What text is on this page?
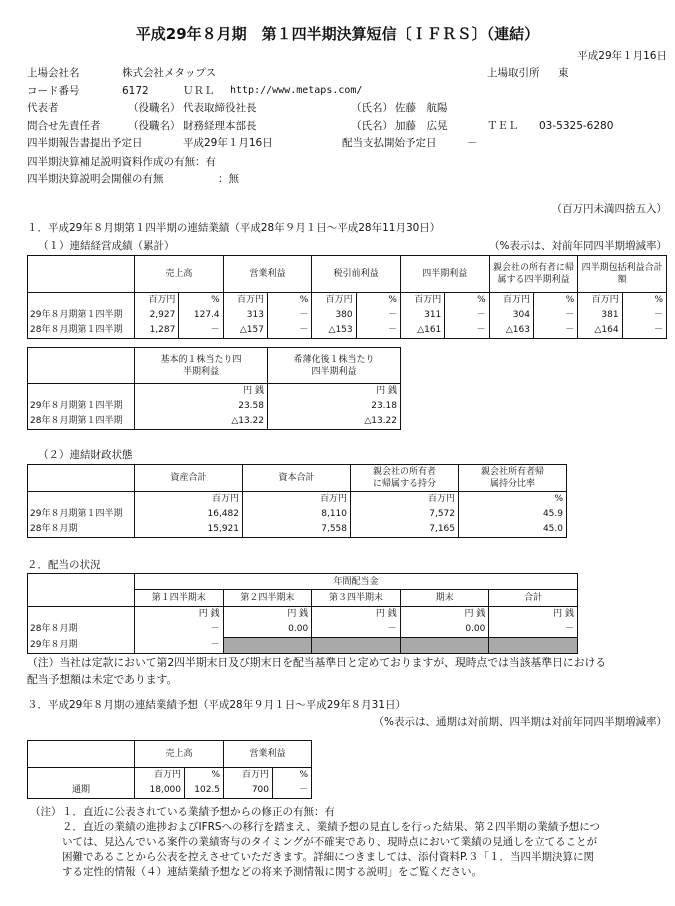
平成29年８月期　第１四半期決算短信〔ＩＦＲＳ〕（連結）
平成29年１月16日
上場会社名	株式会社メタップス	上場取引所 東
コード番号	6172	ＵＲＬ http://www.metaps.com/
代表者	（役職名） 代表取締役社長	（氏名） 佐藤　航陽
問合せ先責任者	（役職名） 財務経理本部長	（氏名） 加藤　広晃	ＴＥＬ 03-5325-6280
四半期報告書提出予定日	平成29年１月16日	配当支払開始予定日	－
四半期決算補足説明資料作成の有無：有
四半期決算説明会開催の有無	：無
（百万円未満四捨五入）
１．平成29年８月期第１四半期の連結業績（平成28年９月１日～平成28年11月30日）
（１）連結経営成績（累計）	（%表示は、対前年同四半期増減率）
	売上高		営業利益		税引前利益		四半期利益		親会社の所有者に帰属する四半期利益		四半期包括利益合計額	
	百万円	%	百万円	%	百万円	%	百万円	%	百万円	%	百万円	%
29年８月期第１四半期	2,927	127.4	313	－	380	－	311	－	304	－	381	－
28年８月期第１四半期	1,287	－	△157	－	△153	－	△161	－	△163	－	△164	－
	基本的１株当たり四半期利益	希薄化後１株当たり四半期利益
	円 銭	円 銭
29年８月期第１四半期	23.58	23.18
28年８月期第１四半期	△13.22	△13.22
（２）連結財政状態
	資産合計	資本合計	親会社の所有者に帰属する持分	親会社所有者帰属持分比率
	百万円	百万円	百万円	%
29年８月期第１四半期	16,482	8,110	7,572	45.9
28年８月期	15,921	7,558	7,165	45.0
２．配当の状況
	年間配当金				
	第１四半期末	第２四半期末	第３四半期末	期末	合計
	円 銭	円 銭	円 銭	円 銭	円 銭
28年８月期	－	0.00	－	0.00	－
29年８月期	－				
（注）当社は定款において第2四半期末日及び期末日を配当基準日と定めておりますが、現時点では当該基準日における
配当予想額は未定であります。
３．平成29年８月期の連結業績予想（平成28年９月１日～平成29年８月31日）
（%表示は、通期は対前期、四半期は対前年同四半期増減率）
	売上高		営業利益	
	百万円	%	百万円	%
通期	18,000	102.5	700	－
（注） １．直近に公表されている業績予想からの修正の有無：有
２．直近の業績の進捗およびIFRSへの移行を踏まえ、業績予想の見直しを行った結果、第２四半期の業績予想につ
いては、見込んでいる案件の業績寄与のタイミングが不確実であり、現時点において業績の見通しを立てることが
困難であることから公表を控えさせていただきます。詳細につきましては、添付資料P.３「１．当四半期決算に関
する定性的情報（４）連結業績予想などの将来予測情報に関する説明」をご覧ください。
